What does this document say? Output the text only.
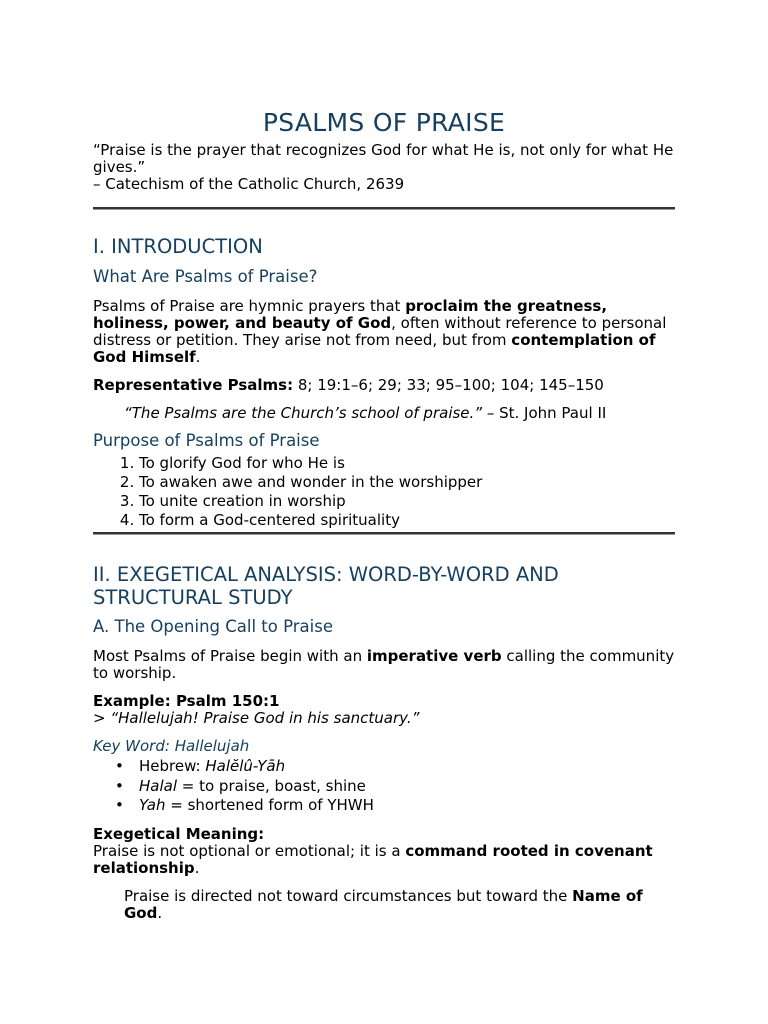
PSALMS OF PRAISE
“Praise is the prayer that recognizes God for what He is, not only for what He gives.”
– Catechism of the Catholic Church, 2639
I. INTRODUCTION
What Are Psalms of Praise?

Psalms of Praise are hymnic prayers that proclaim the greatness, holiness, power, and beauty of God, often without reference to personal distress or petition. They arise not from need, but from contemplation of God Himself.

Representative Psalms: 8; 19:1–6; 29; 33; 95–100; 104; 145–150

“The Psalms are the Church’s school of praise.” – St. John Paul II

Purpose of Psalms of Praise
1. To glorify God for who He is
2. To awaken awe and wonder in the worshipper
3. To unite creation in worship
4. To form a God-centered spirituality
II. EXEGETICAL ANALYSIS: WORD-BY-WORD AND STRUCTURAL STUDY
A. The Opening Call to Praise

Most Psalms of Praise begin with an imperative verb calling the community to worship.

Example: Psalm 150:1
> “Hallelujah! Praise God in his sanctuary.”

Key Word: Hallelujah

• Hebrew: Halĕlû-Yāh
• Halal = to praise, boast, shine
• Yah = shortened form of YHWH

Exegetical Meaning:
Praise is not optional or emotional; it is a command rooted in covenant relationship.

Praise is directed not toward circumstances but toward the Name of God.
